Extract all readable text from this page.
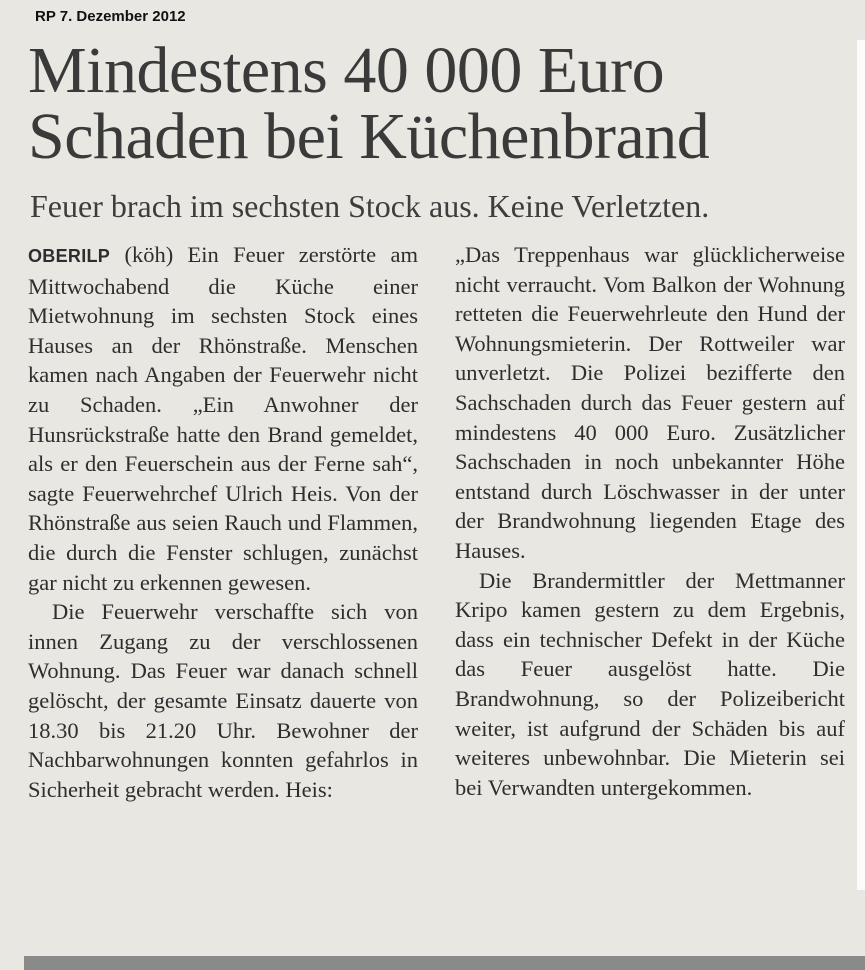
RP 7. Dezember 2012
Mindestens 40 000 Euro
Schaden bei Küchenbrand
Feuer brach im sechsten Stock aus. Keine Verletzten.

OBERILP (köh) Ein Feuer zerstörte am Mittwochabend die Küche einer Mietwohnung im sechsten Stock eines Hauses an der Rhönstraße. Menschen kamen nach Angaben der Feuerwehr nicht zu Schaden. „Ein Anwohner der Hunsrückstraße hatte den Brand gemeldet, als er den Feuerschein aus der Ferne sah“, sagte Feuerwehrchef Ulrich Heis. Von der Rhönstraße aus seien Rauch und Flammen, die durch die Fenster schlugen, zunächst gar nicht zu erkennen gewesen.

Die Feuerwehr verschaffte sich von innen Zugang zu der verschlossenen Wohnung. Das Feuer war danach schnell gelöscht, der gesamte Einsatz dauerte von 18.30 bis 21.20 Uhr. Bewohner der Nachbarwohnungen konnten gefahrlos in Sicherheit gebracht werden. Heis:

„Das Treppenhaus war glücklicherweise nicht verraucht. Vom Balkon der Wohnung retteten die Feuerwehrleute den Hund der Wohnungsmieterin. Der Rottweiler war unverletzt. Die Polizei bezifferte den Sachschaden durch das Feuer gestern auf mindestens 40 000 Euro. Zusätzlicher Sachschaden in noch unbekannter Höhe entstand durch Löschwasser in der unter der Brandwohnung liegenden Etage des Hauses.

Die Brandermittler der Mettmanner Kripo kamen gestern zu dem Ergebnis, dass ein technischer Defekt in der Küche das Feuer ausgelöst hatte. Die Brandwohnung, so der Polizeibericht weiter, ist aufgrund der Schäden bis auf weiteres unbewohnbar. Die Mieterin sei bei Verwandten untergekommen.
